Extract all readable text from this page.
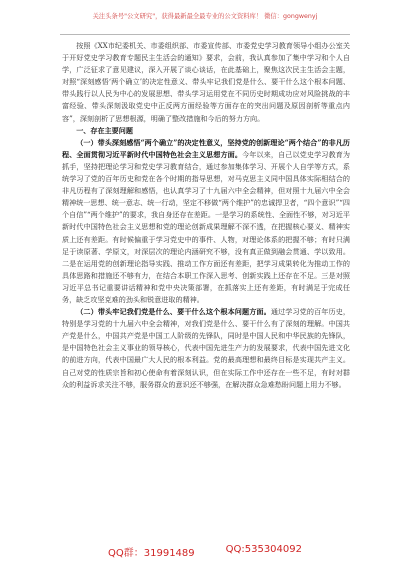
关注头条号"公文研究"，获得最新最全最专业的公文资料库！ 微信：gongwenyj

按照《XX市纪委机关、市委组织部、市委宣传部、市委党史学习教育领导小组办公室关于开好党史学习教育专题民主生活会的通知》要求，会前，我认真参加了集中学习和个人自学，广泛征求了意见建议，深入开展了谈心谈话，在此基础上，聚焦这次民主生活会主题，对照“深刻感悟‘两个确立’的决定性意义、带头牢记我们党是什么、要干什么这个根本问题、带头践行以人民为中心的发展思想、带头学习运用党在不同历史时期成功应对风险挑战的丰富经验、带头深刻汲取党史中正反两方面经验等方面存在的突出问题及原因剖析等重点内容”，深刻剖析了思想根源，明确了整改措施和今后的努力方向。

一、存在主要问题

（一）带头深刻感悟“两个确立”的决定性意义，坚持党的创新理论“两个结合”的非凡历程、全面贯彻习近平新时代中国特色社会主义思想方面。今年以来，自己以党史学习教育为抓手，坚持把理论学习和党史学习教育结合，通过参加集体学习、开展个人自学等方式，系统学习了党的百年历史和党在各个时期的指导思想，对马克思主义同中国具体实际相结合的非凡历程有了深刻理解和感悟，也认真学习了十九届六中全会精神，但对照十九届六中全会精神统一思想、统一意志、统一行动，坚定不移做“两个维护”的忠诚捍卫者，“四个意识”“四个自信”“两个维护”的要求，我自身还存在差距。一是学习的系统性、全面性不够，对习近平新时代中国特色社会主义思想和党的理论创新成果理解不深不透，在把握核心要义、精神实质上还有差距。有时候偏重于学习党史中的事件、人物，对理论体系的把握不够；有时只满足于读原著、学原文，对深层次的理论内涵研究不够，没有真正做到融会贯通、学以致用。二是在运用党的创新理论指导实践、推动工作方面还有差距，把学习成果转化为推动工作的具体思路和措施还不够有力，在结合本职工作深入思考、创新实践上还存在不足。三是对照习近平总书记重要讲话精神和党中央决策部署，在抓落实上还有差距，有时满足于完成任务，缺乏攻坚克难的劲头和锐意进取的精神。

（二）带头牢记我们党是什么、要干什么这个根本问题方面。通过学习党的百年历史，特别是学习党的十九届六中全会精神，对我们党是什么、要干什么有了深刻的理解。中国共产党是什么，中国共产党是中国工人阶级的先锋队，同时是中国人民和中华民族的先锋队，是中国特色社会主义事业的领导核心，代表中国先进生产力的发展要求，代表中国先进文化的前进方向，代表中国最广大人民的根本利益。党的最高理想和最终目标是实现共产主义。自己对党的性质宗旨和初心使命有着深刻认识，但在实际工作中还存在一些不足，有时对群众的利益诉求关注不够，服务群众的意识还不够强，在解决群众急难愁盼问题上用力不够。

QQ群：31991489	QQ:535304092
